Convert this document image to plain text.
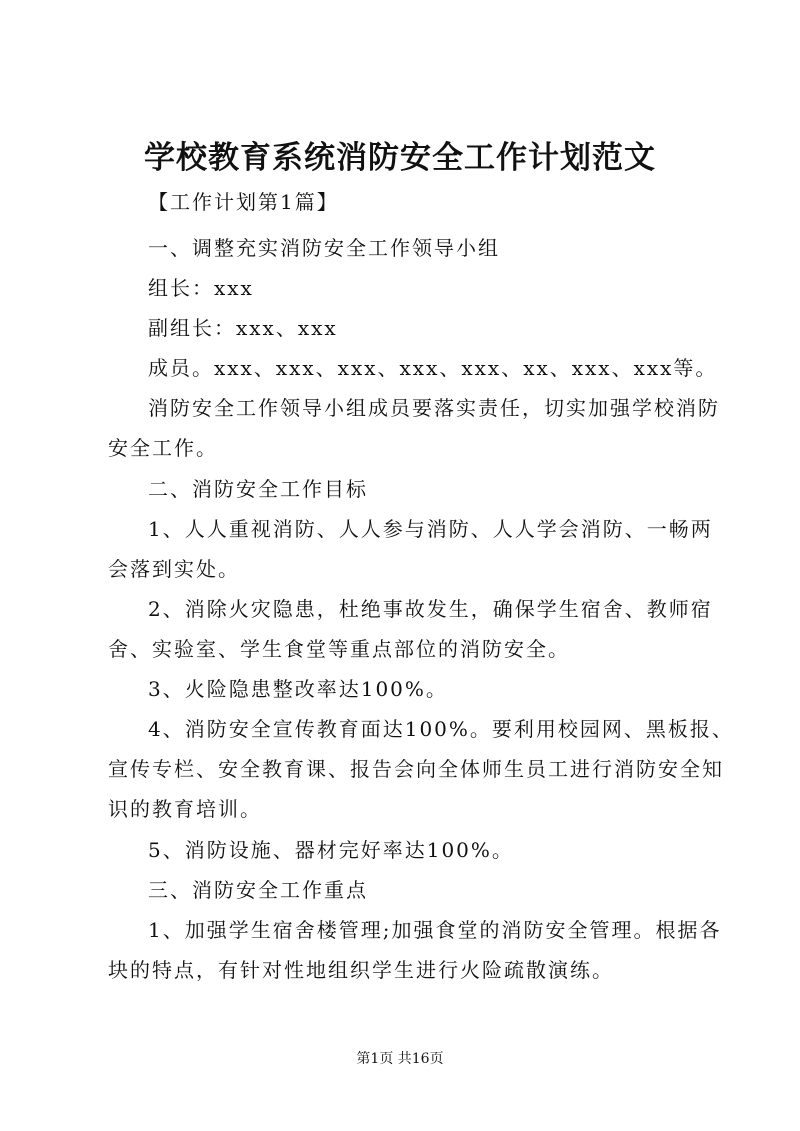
学校教育系统消防安全工作计划范文
【工作计划第1篇】
一、调整充实消防安全工作领导小组
组长：xxx
副组长：xxx、xxx
成员。xxx、xxx、xxx、xxx、xxx、xx、xxx、xxx等。
消防安全工作领导小组成员要落实责任，切实加强学校消防
安全工作。
二、消防安全工作目标
1、人人重视消防、人人参与消防、人人学会消防、一畅两
会落到实处。
2、消除火灾隐患，杜绝事故发生，确保学生宿舍、教师宿
舍、实验室、学生食堂等重点部位的消防安全。
3、火险隐患整改率达100%。
4、消防安全宣传教育面达100%。要利用校园网、黑板报、
宣传专栏、安全教育课、报告会向全体师生员工进行消防安全知
识的教育培训。
5、消防设施、器材完好率达100%。
三、消防安全工作重点
1、加强学生宿舍楼管理;加强食堂的消防安全管理。根据各
块的特点，有针对性地组织学生进行火险疏散演练。
第1页 共16页
